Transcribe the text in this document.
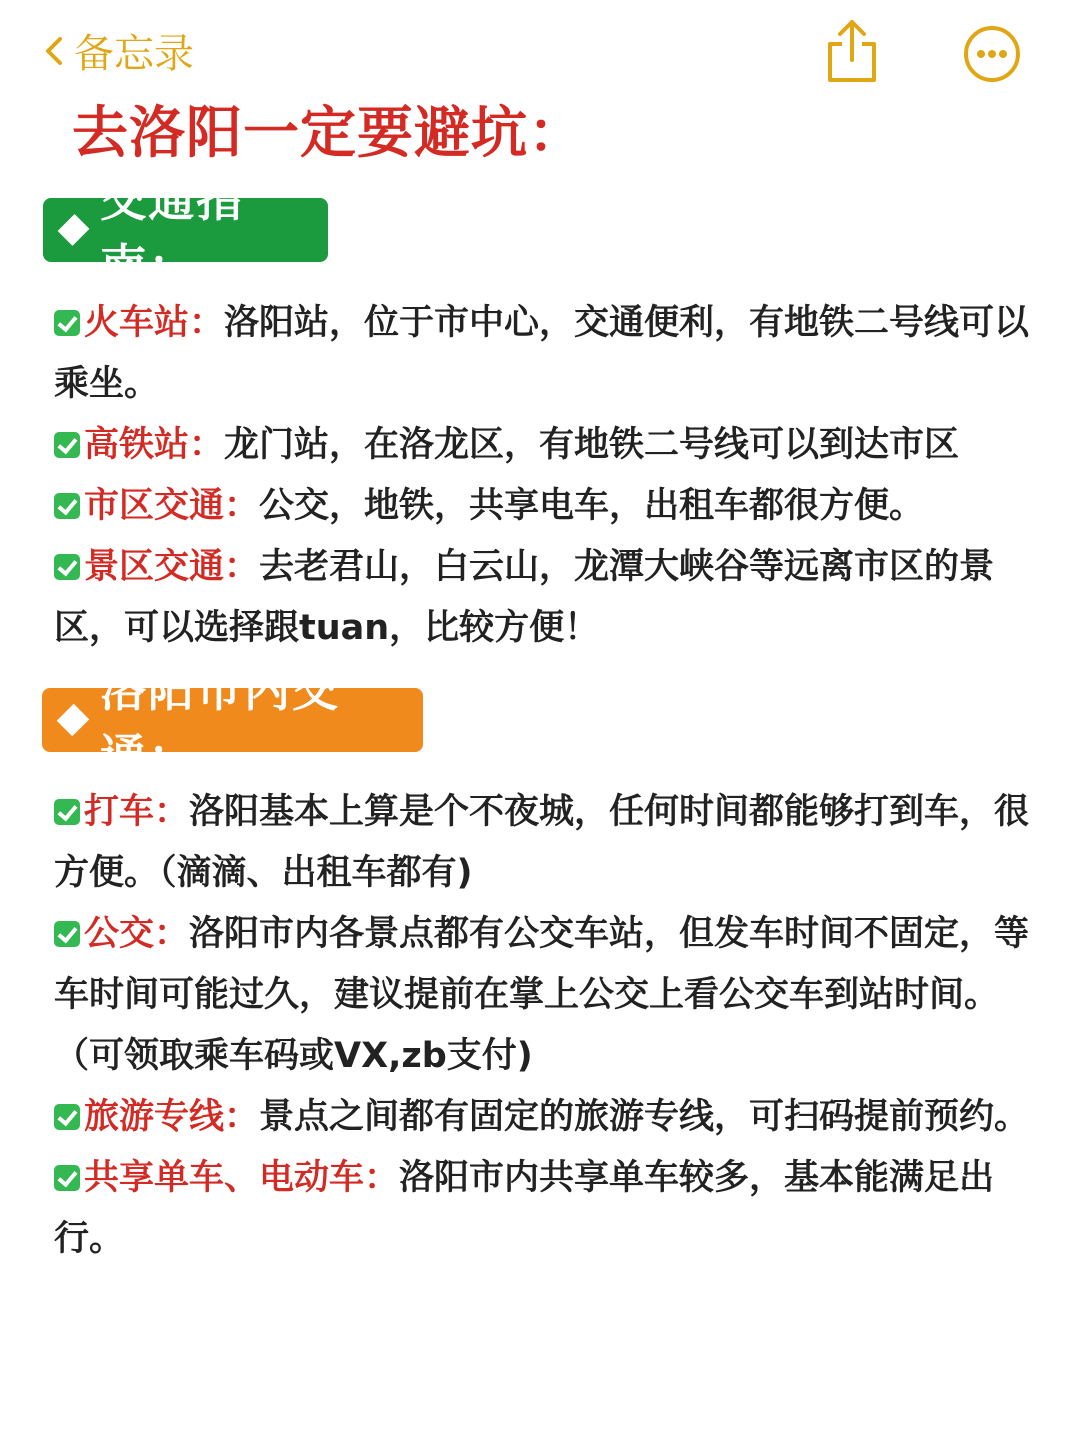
备忘录
去洛阳一定要避坑：
交通指南：

火车站：洛阳站，位于市中心，交通便利，有地铁二号线可以乘坐。

高铁站：龙门站，在洛龙区，有地铁二号线可以到达市区

市区交通：公交，地铁，共享电车，出租车都很方便。

景区交通：去老君山，白云山，龙潭大峡谷等远离市区的景区，可以选择跟tuan，比较方便！

洛阳市内交通：

打车：洛阳基本上算是个不夜城，任何时间都能够打到车，很方便。（滴滴、出租车都有)

公交：洛阳市内各景点都有公交车站，但发车时间不固定，等车时间可能过久，建议提前在掌上公交上看公交车到站时间。（可领取乘车码或VX,zb支付)

旅游专线：景点之间都有固定的旅游专线，可扫码提前预约。

共享单车、电动车：洛阳市内共享单车较多，基本能满足出行。
